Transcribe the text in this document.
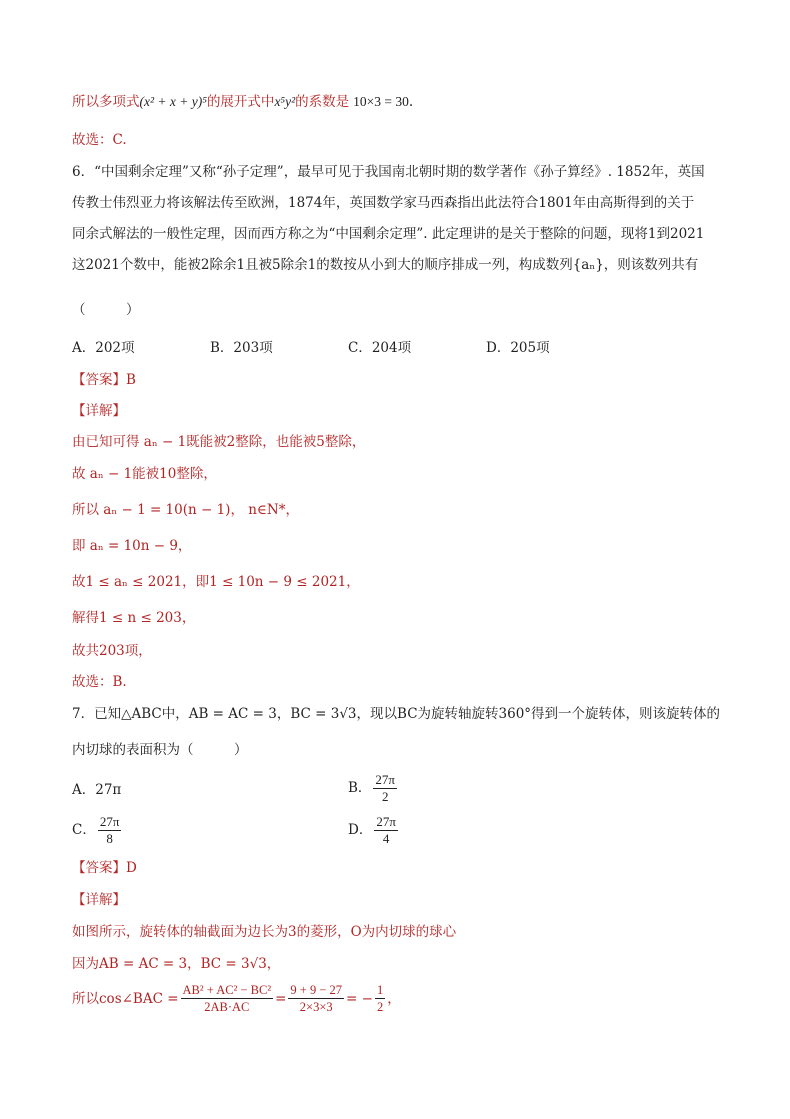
所以多项式(x² + x + y)⁵的展开式中x⁵y²的系数是 10×3 = 30.
故选：C.
6．“中国剩余定理”又称“孙子定理”，最早可见于我国南北朝时期的数学著作《孙子算经》. 1852年，英国
传教士伟烈亚力将该解法传至欧洲，1874年，英国数学家马西森指出此法符合1801年由高斯得到的关于
同余式解法的一般性定理，因而西方称之为“中国剩余定理”. 此定理讲的是关于整除的问题，现将1到2021
这2021个数中，能被2除余1且被5除余1的数按从小到大的顺序排成一列，构成数列{aₙ}，则该数列共有
（　　　）
A．202项	B．203项	C．204项	D．205项
【答案】B
【详解】
由已知可得 aₙ − 1既能被2整除，也能被5整除，
故 aₙ − 1能被10整除，
所以 aₙ − 1 = 10(n − 1)， n∈N*，
即 aₙ = 10n − 9，
故1 ≤ aₙ ≤ 2021，即1 ≤ 10n − 9 ≤ 2021，
解得1 ≤ n ≤ 203，
故共203项，
故选：B.
7．已知△ABC中，AB = AC = 3，BC = 3√3，现以BC为旋转轴旋转360°得到一个旋转体，则该旋转体的
内切球的表面积为（　　　）
A．27π	B． $\frac{27\pi}{2}$
C． $\frac{27\pi}{8}$	D． $\frac{27\pi}{4}$
【答案】D
【详解】
如图所示，旋转体的轴截面为边长为3的菱形，O为内切球的球心
因为AB = AC = 3，BC = 3√3，
所以cos∠BAC = $\frac{\text{AB² + AC² − BC²}}{2AB\cdot AC} = \frac{9 + 9 - 27}{2\times 3\times 3}$ = − $\frac{1}{2}$ ，
